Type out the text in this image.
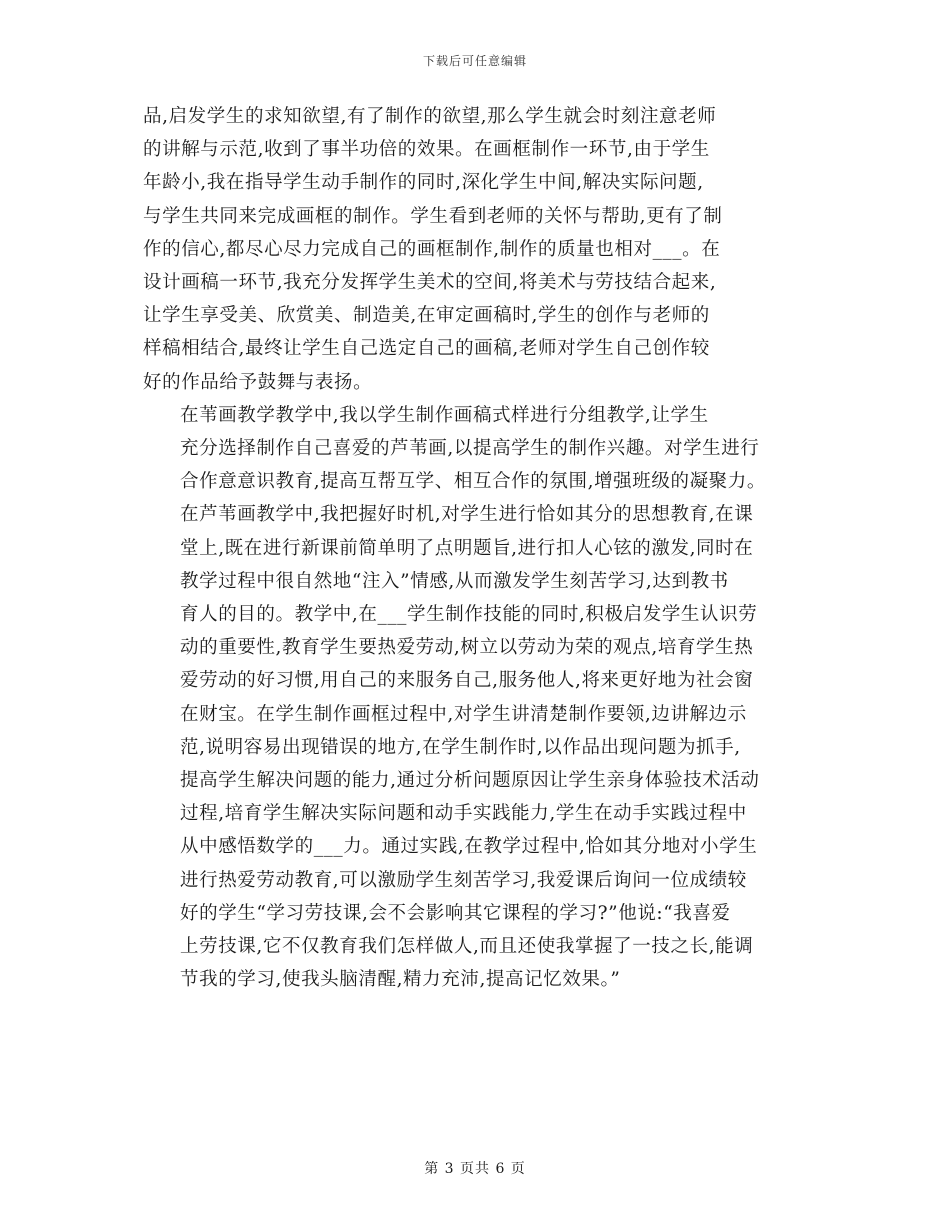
下载后可任意编辑

品,启发学生的求知欲望,有了制作的欲望,那么学生就会时刻注意老师
的讲解与示范,收到了事半功倍的效果。在画框制作一环节,由于学生
年龄小,我在指导学生动手制作的同时,深化学生中间,解决实际问题,
与学生共同来完成画框的制作。学生看到老师的关怀与帮助,更有了制
作的信心,都尽心尽力完成自己的画框制作,制作的质量也相对___。在
设计画稿一环节,我充分发挥学生美术的空间,将美术与劳技结合起来,
让学生享受美、欣赏美、制造美,在审定画稿时,学生的创作与老师的
样稿相结合,最终让学生自己选定自己的画稿,老师对学生自己创作较
好的作品给予鼓舞与表扬。

在苇画教学教学中,我以学生制作画稿式样进行分组教学,让学生

充分选择制作自己喜爱的芦苇画,以提高学生的制作兴趣。对学生进行
合作意意识教育,提高互帮互学、相互合作的氛围,增强班级的凝聚力。
在芦苇画教学中,我把握好时机,对学生进行恰如其分的思想教育,在课
堂上,既在进行新课前简单明了点明题旨,进行扣人心铉的激发,同时在
教学过程中很自然地“注入”情感,从而激发学生刻苦学习,达到教书
育人的目的。教学中,在___学生制作技能的同时,积极启发学生认识劳
动的重要性,教育学生要热爱劳动,树立以劳动为荣的观点,培育学生热
爱劳动的好习惯,用自己的来服务自己,服务他人,将来更好地为社会窗
在财宝。在学生制作画框过程中,对学生讲清楚制作要领,边讲解边示
范,说明容易出现错误的地方,在学生制作时,以作品出现问题为抓手,
提高学生解决问题的能力,通过分析问题原因让学生亲身体验技术活动
过程,培育学生解决实际问题和动手实践能力,学生在动手实践过程中
从中感悟数学的___力。通过实践,在教学过程中,恰如其分地对小学生
进行热爱劳动教育,可以激励学生刻苦学习,我爱课后询问一位成绩较
好的学生“学习劳技课,会不会影响其它课程的学习?”他说:“我喜爱
上劳技课,它不仅教育我们怎样做人,而且还使我掌握了一技之长,能调
节我的学习,使我头脑清醒,精力充沛,提高记忆效果。”

第 3 页共 6 页
